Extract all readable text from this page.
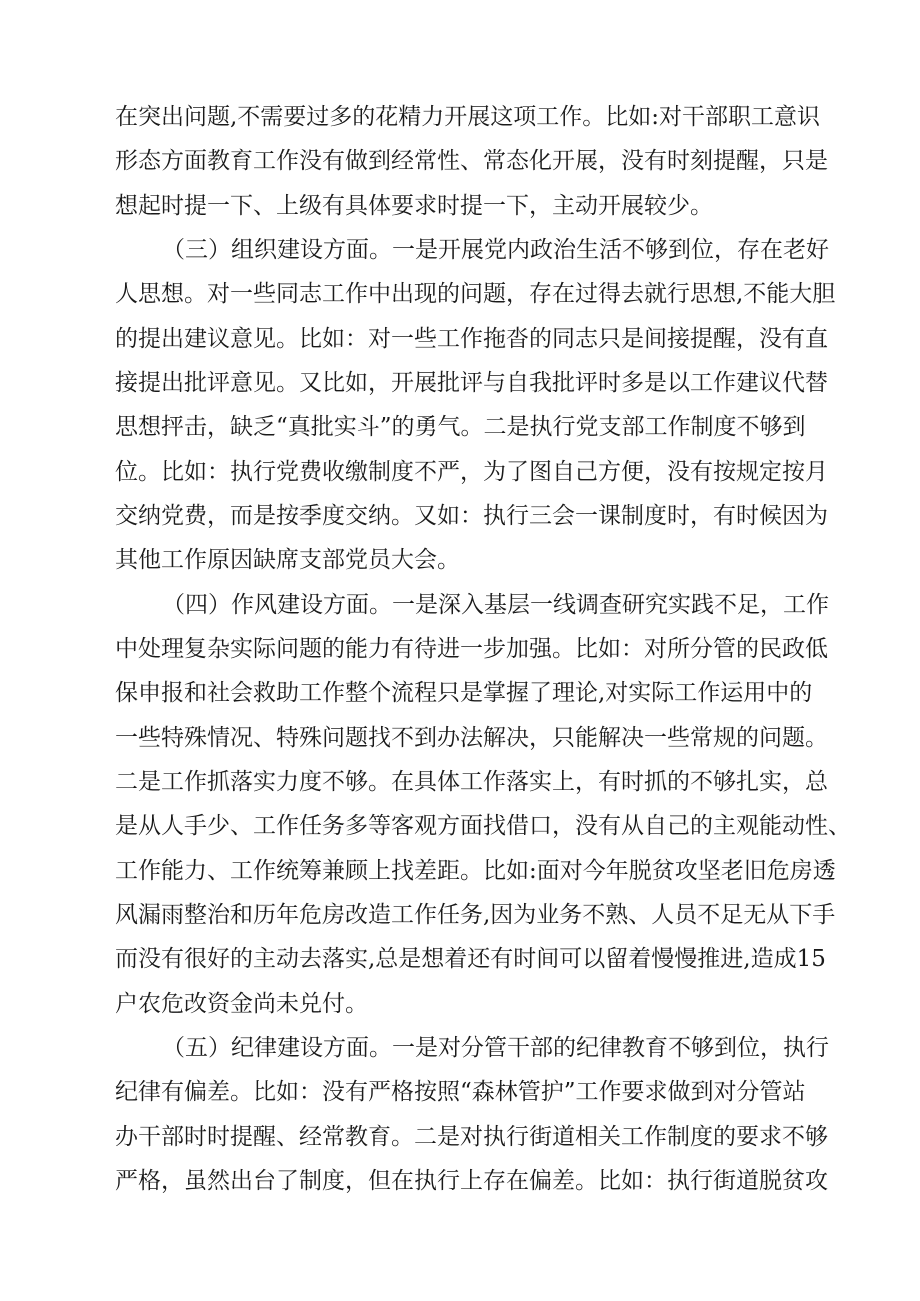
在突出问题,不需要过多的花精力开展这项工作。比如:对干部职工意识
形态方面教育工作没有做到经常性、常态化开展，没有时刻提醒，只是
想起时提一下、上级有具体要求时提一下，主动开展较少。
（三）组织建设方面。一是开展党内政治生活不够到位，存在老好
人思想。对一些同志工作中出现的问题，存在过得去就行思想,不能大胆
的提出建议意见。比如：对一些工作拖沓的同志只是间接提醒，没有直
接提出批评意见。又比如，开展批评与自我批评时多是以工作建议代替
思想抨击，缺乏“真批实斗”的勇气。二是执行党支部工作制度不够到
位。比如：执行党费收缴制度不严，为了图自己方便，没有按规定按月
交纳党费，而是按季度交纳。又如：执行三会一课制度时，有时候因为
其他工作原因缺席支部党员大会。
（四）作风建设方面。一是深入基层一线调查研究实践不足，工作
中处理复杂实际问题的能力有待进一步加强。比如：对所分管的民政低
保申报和社会救助工作整个流程只是掌握了理论,对实际工作运用中的
一些特殊情况、特殊问题找不到办法解决，只能解决一些常规的问题。
二是工作抓落实力度不够。在具体工作落实上，有时抓的不够扎实，总
是从人手少、工作任务多等客观方面找借口，没有从自己的主观能动性、
工作能力、工作统筹兼顾上找差距。比如:面对今年脱贫攻坚老旧危房透
风漏雨整治和历年危房改造工作任务,因为业务不熟、人员不足无从下手
而没有很好的主动去落实,总是想着还有时间可以留着慢慢推进,造成15
户农危改资金尚未兑付。
（五）纪律建设方面。一是对分管干部的纪律教育不够到位，执行
纪律有偏差。比如：没有严格按照“森林管护”工作要求做到对分管站
办干部时时提醒、经常教育。二是对执行街道相关工作制度的要求不够
严格，虽然出台了制度，但在执行上存在偏差。比如：执行街道脱贫攻
